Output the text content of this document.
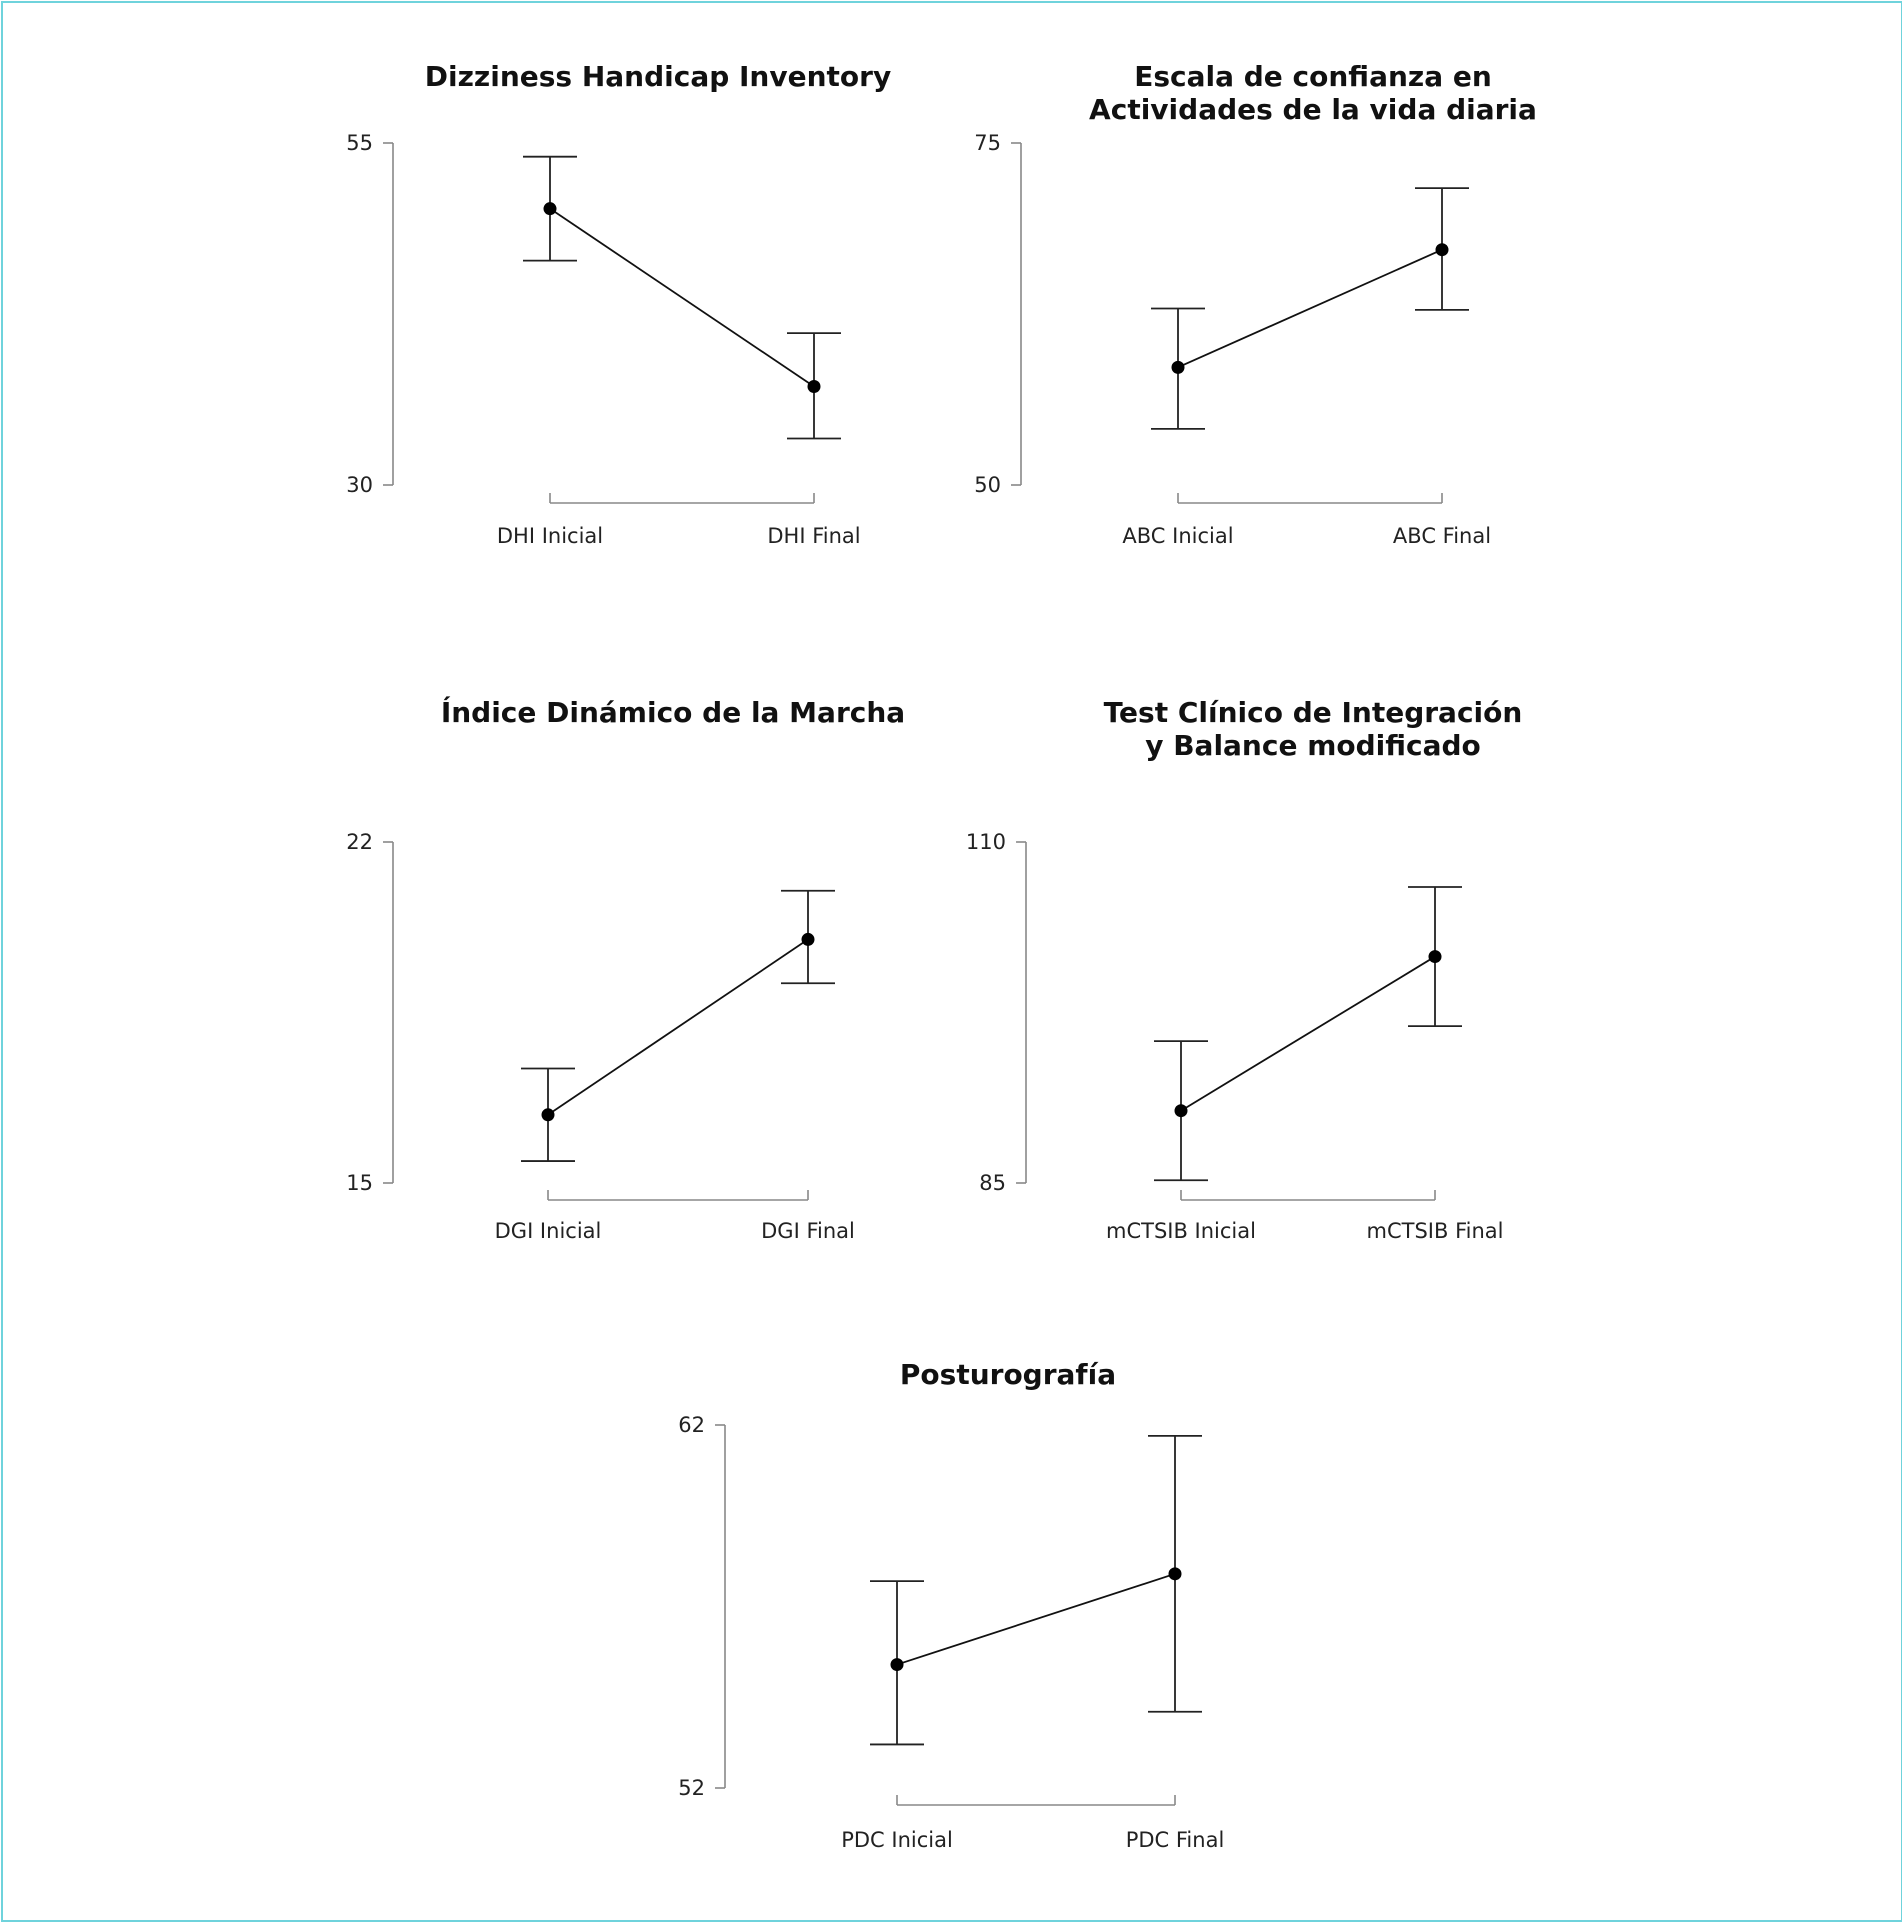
Dizziness Handicap Inventory
55
30
DHI Inicial	DHI Final
Escala de confianza en
Actividades de la vida diaria
75
50
ABC Inicial	ABC Final
Índice Dinámico de la Marcha
22
15
DGI Inicial	DGI Final
Test Clínico de Integración
y Balance modificado
110
85
mCTSIB Inicial	mCTSIB Final
Posturografía
62
52
PDC Inicial	PDC Final
